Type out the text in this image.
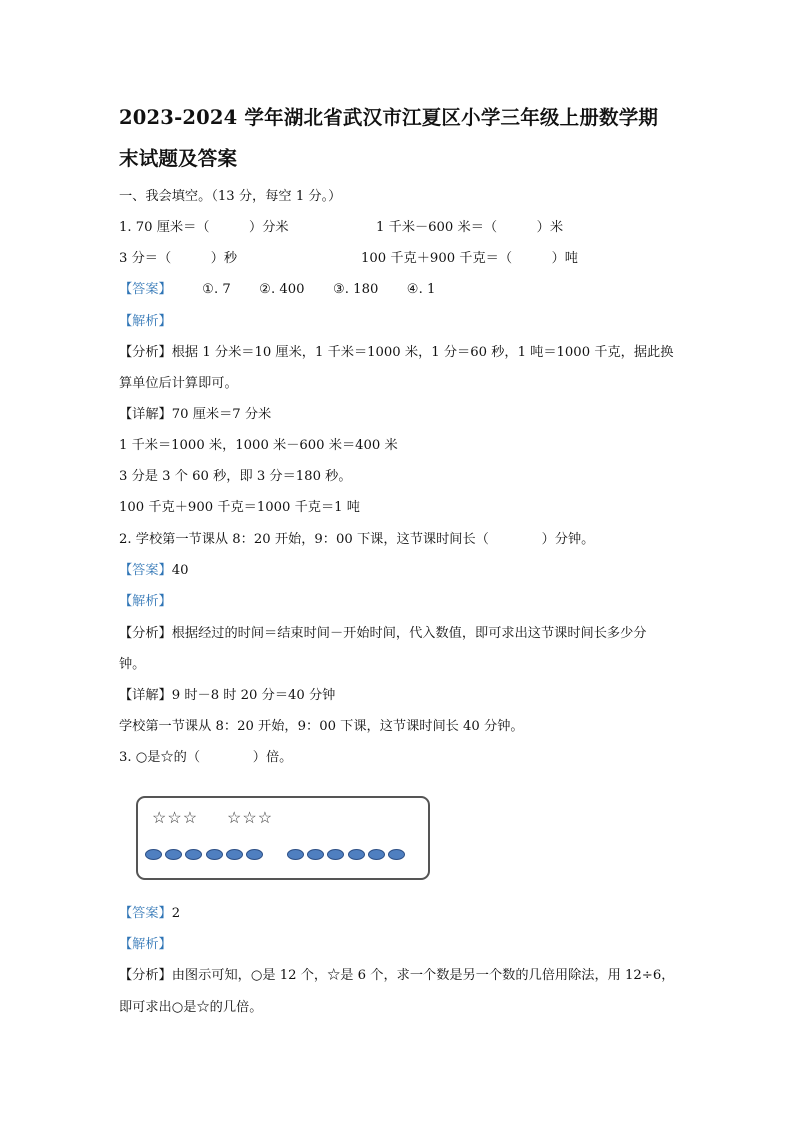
2023-2024 学年湖北省武汉市江夏区小学三年级上册数学期
末试题及答案
一、我会填空。（13 分，每空 1 分。）
1. 70 厘米＝（　　　）分米	1 千米－600 米＝（　　　）米
3 分＝（　　　）秒	100 千克＋900 千克＝（　　　）吨
【答案】 ①. 7 ②. 400 ③. 180 ④. 1
【解析】
【分析】根据 1 分米＝10 厘米，1 千米＝1000 米，1 分＝60 秒，1 吨＝1000 千克，据此换
算单位后计算即可。
【详解】70 厘米＝7 分米
1 千米＝1000 米，1000 米－600 米＝400 米
3 分是 3 个 60 秒，即 3 分＝180 秒。
100 千克＋900 千克＝1000 千克＝1 吨
2. 学校第一节课从 8：20 开始，9：00 下课，这节课时间长（　　　　）分钟。
【答案】40
【解析】
【分析】根据经过的时间＝结束时间－开始时间，代入数值，即可求出这节课时间长多少分
钟。
【详解】9 时－8 时 20 分＝40 分钟
学校第一节课从 8：20 开始，9：00 下课，这节课时间长 40 分钟。
3. ○是☆的（　　　　）倍。
☆☆☆ ☆☆☆
【答案】2
【解析】
【分析】由图示可知，○是 12 个，☆是 6 个，求一个数是另一个数的几倍用除法，用 12÷6，
即可求出○是☆的几倍。
